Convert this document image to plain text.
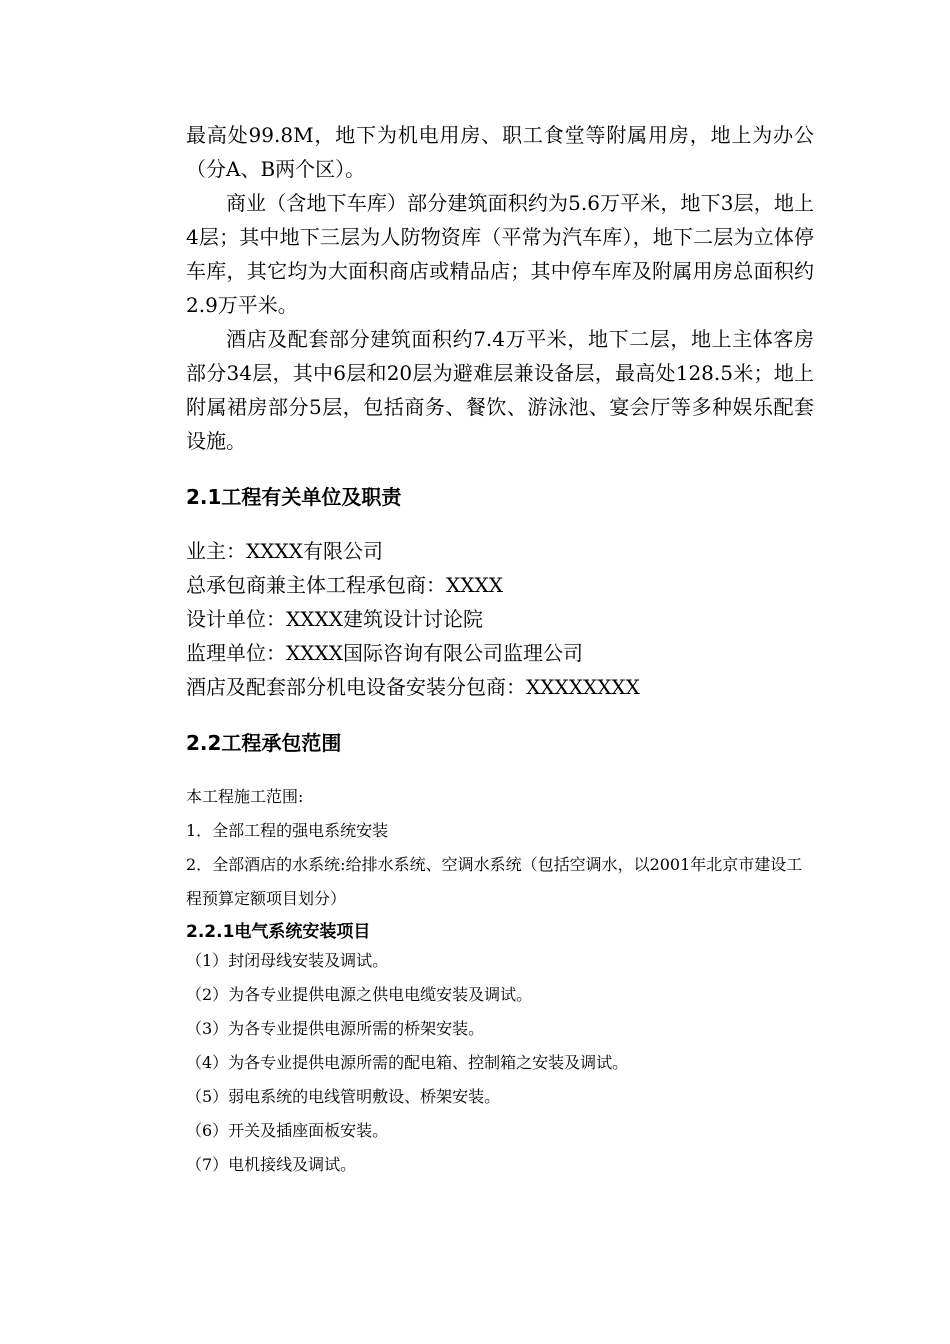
最高处99.8M，地下为机电用房、职工食堂等附属用房，地上为办公（分A、B两个区）。

商业（含地下车库）部分建筑面积约为5.6万平米，地下3层，地上4层；其中地下三层为人防物资库（平常为汽车库），地下二层为立体停车库，其它均为大面积商店或精品店；其中停车库及附属用房总面积约2.9万平米。

酒店及配套部分建筑面积约7.4万平米，地下二层，地上主体客房部分34层，其中6层和20层为避难层兼设备层，最高处128.5米；地上附属裙房部分5层，包括商务、餐饮、游泳池、宴会厅等多种娱乐配套设施。

2.1工程有关单位及职责

业主：XXXX有限公司

总承包商兼主体工程承包商：XXXX

设计单位：XXXX建筑设计讨论院

监理单位：XXXX国际咨询有限公司监理公司

酒店及配套部分机电设备安装分包商：XXXXXXXX

2.2工程承包范围

本工程施工范围:

1．全部工程的强电系统安装

2．全部酒店的水系统:给排水系统、空调水系统（包括空调水，以2001年北京市建设工程预算定额项目划分）

2.2.1电气系统安装项目

（1）封闭母线安装及调试。

（2）为各专业提供电源之供电电缆安装及调试。

（3）为各专业提供电源所需的桥架安装。

（4）为各专业提供电源所需的配电箱、控制箱之安装及调试。

（5）弱电系统的电线管明敷设、桥架安装。

（6）开关及插座面板安装。

（7）电机接线及调试。
